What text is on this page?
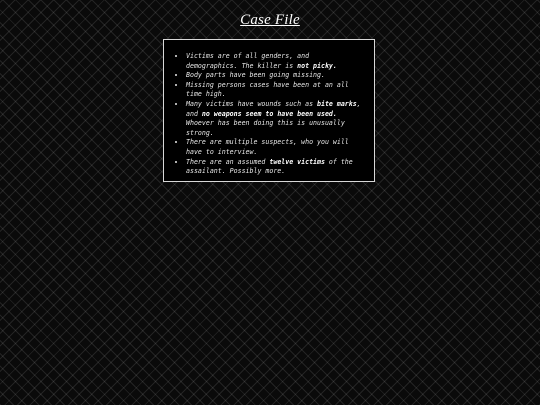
Case File
• Victims are of all genders, and demographics. The killer is not picky.
• Body parts have been going missing.
• Missing persons cases have been at an all time high.
• Many victims have wounds such as bite marks, and no weapons seem to have been used. Whoever has been doing this is unusually strong.
• There are multiple suspects, who you will have to interview.
• There are an assumed twelve victims of the assailant. Possibly more.
